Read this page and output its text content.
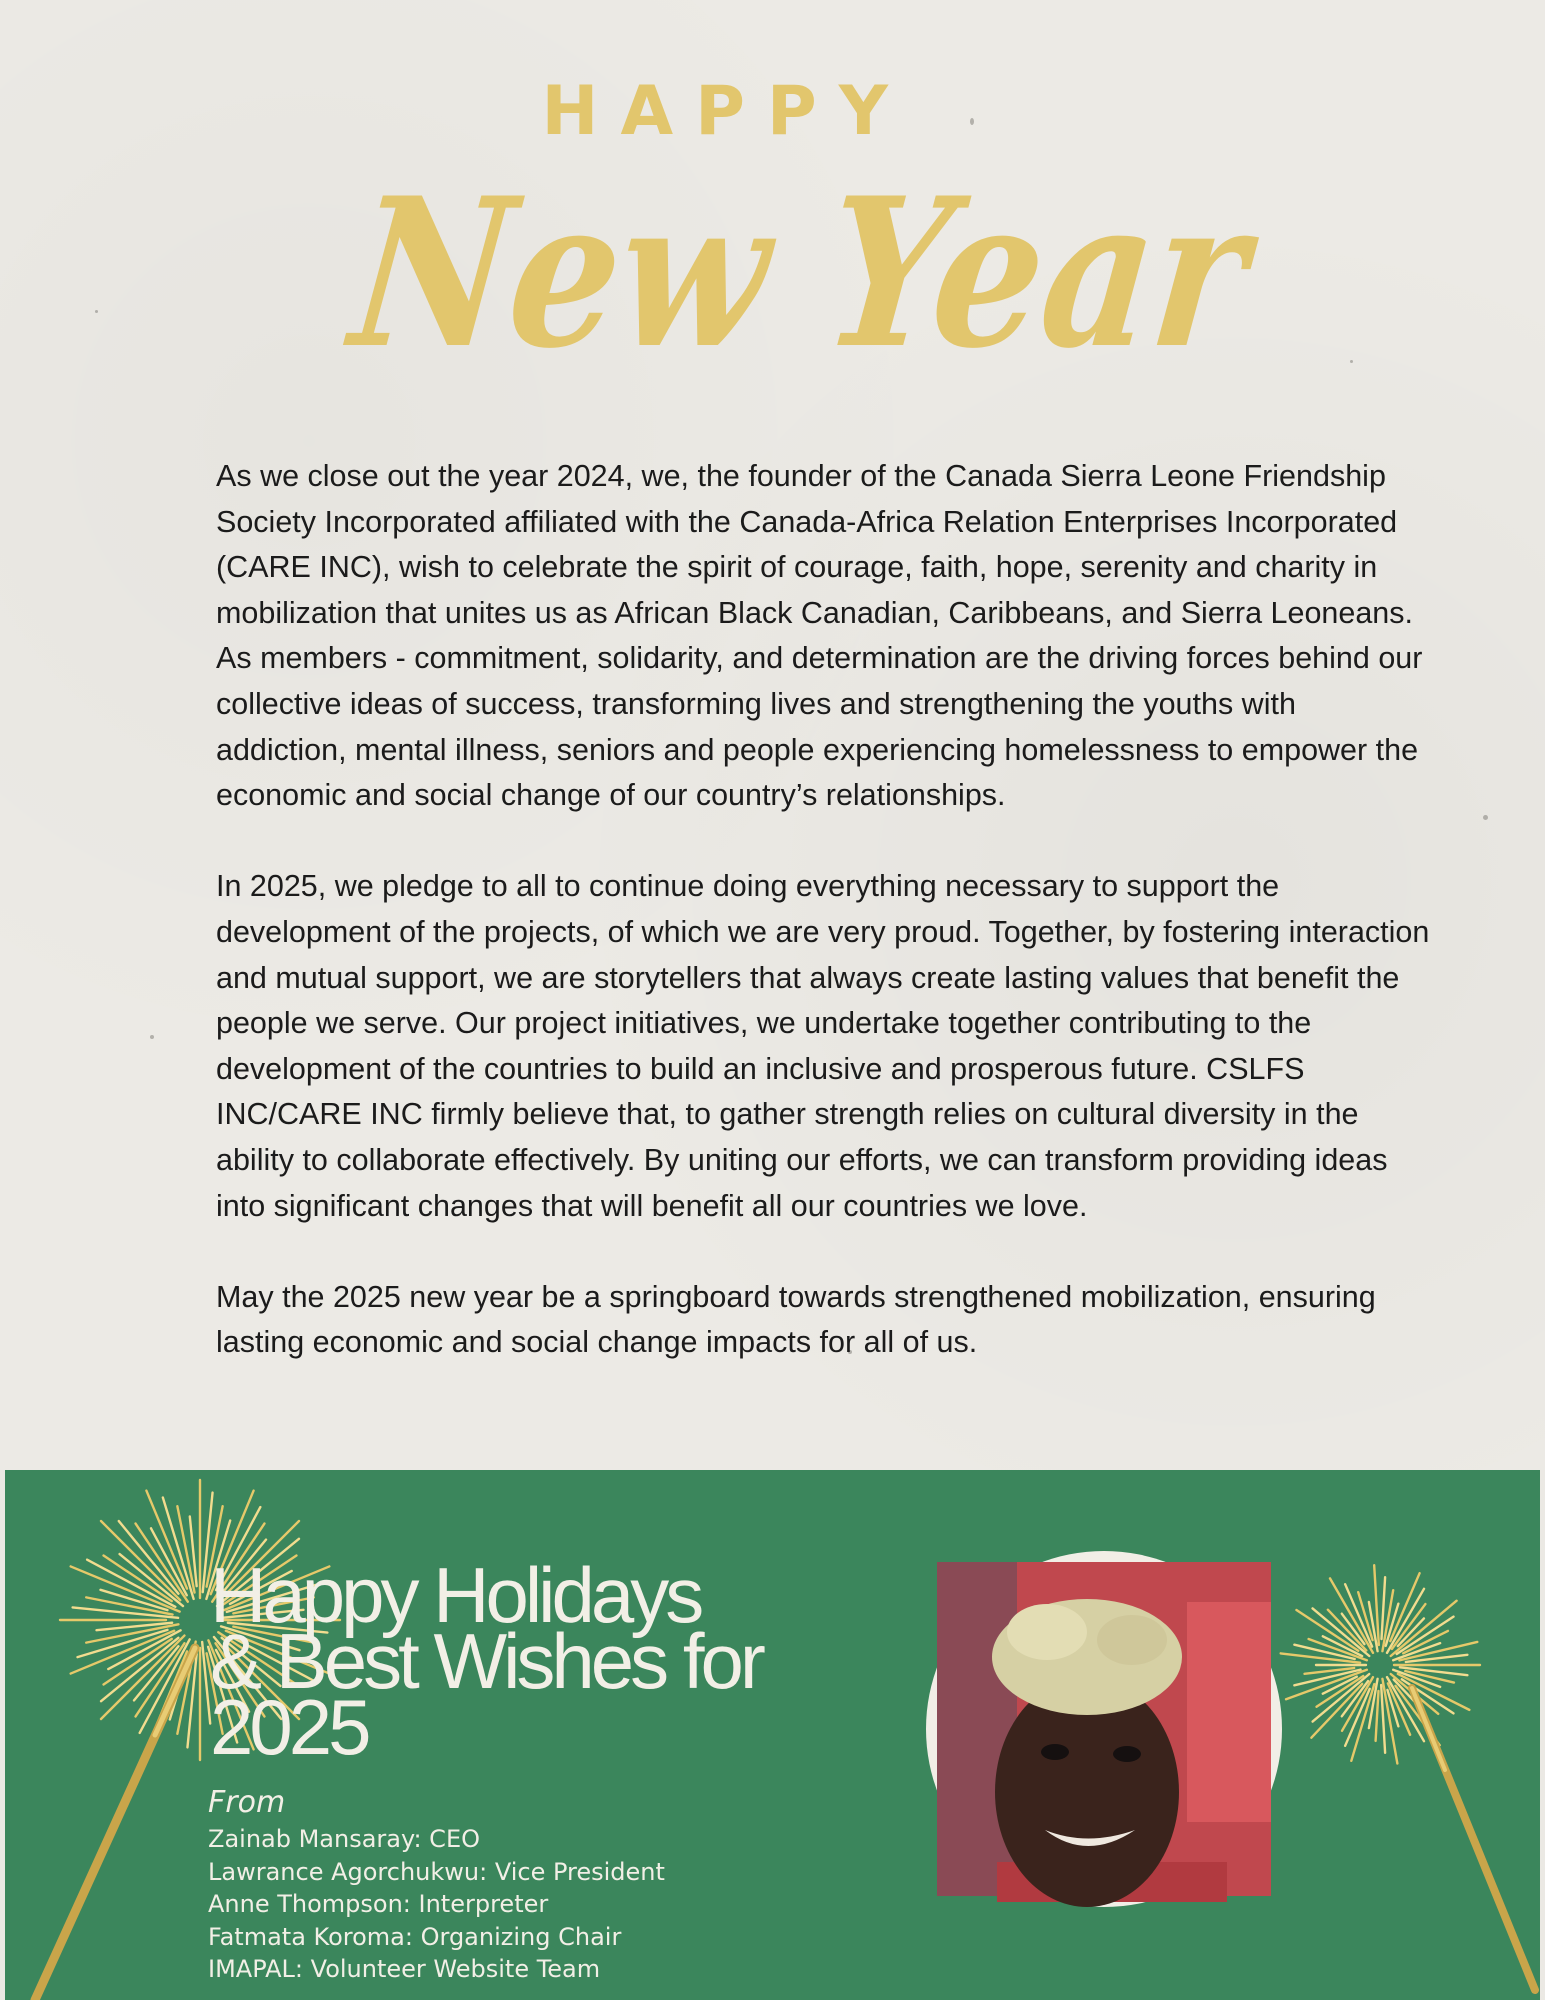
HAPPY
New Year

As we close out the year 2024, we, the founder of the Canada Sierra Leone Friendship Society Incorporated affiliated with the Canada-Africa Relation Enterprises Incorporated (CARE INC), wish to celebrate the spirit of courage, faith, hope, serenity and charity in mobilization that unites us as African Black Canadian, Caribbeans, and Sierra Leoneans. As members - commitment, solidarity, and determination are the driving forces behind our collective ideas of success, transforming lives and strengthening the youths with addiction, mental illness, seniors and people experiencing homelessness to empower the economic and social change of our country’s relationships.

In 2025, we pledge to all to continue doing everything necessary to support the development of the projects, of which we are very proud. Together, by fostering interaction and mutual support, we are storytellers that always create lasting values that benefit the people we serve. Our project initiatives, we undertake together contributing to the development of the countries to build an inclusive and prosperous future. CSLFS INC/CARE INC firmly believe that, to gather strength relies on cultural diversity in the ability to collaborate effectively. By uniting our efforts, we can transform providing ideas into significant changes that will benefit all our countries we love.

May the 2025 new year be a springboard towards strengthened mobilization, ensuring lasting economic and social change impacts for all of us.

Happy Holidays
& Best Wishes for
2025
From
Zainab Mansaray: CEO
Lawrance Agorchukwu: Vice President
Anne Thompson: Interpreter
Fatmata Koroma: Organizing Chair
IMAPAL: Volunteer Website Team
